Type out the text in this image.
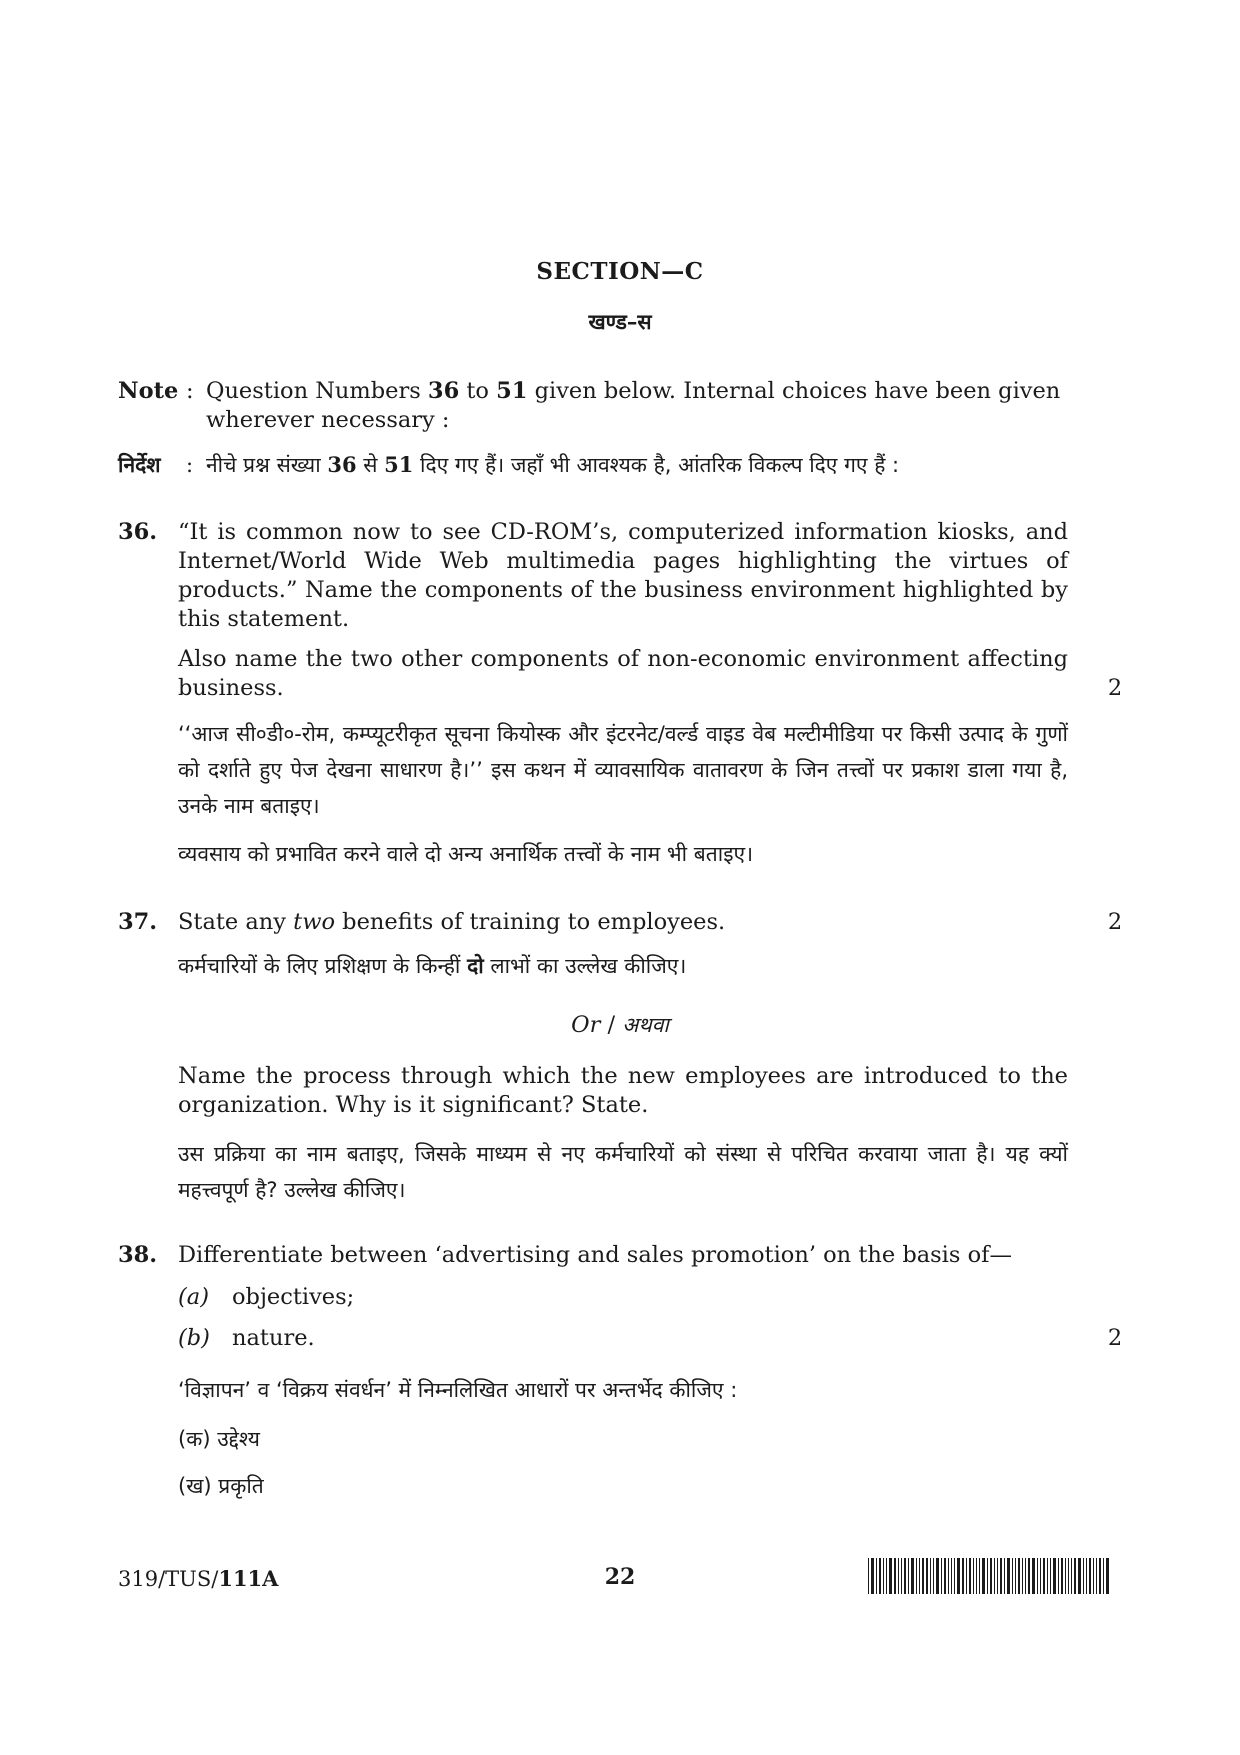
SECTION—C
खण्ड–स
Note : Question Numbers 36 to 51 given below. Internal choices have been given wherever necessary :
निर्देश : नीचे प्रश्न संख्या 36 से 51 दिए गए हैं। जहाँ भी आवश्यक है, आंतरिक विकल्प दिए गए हैं :
36. “It is common now to see CD-ROM’s, computerized information kiosks, and Internet/World Wide Web multimedia pages highlighting the virtues of products.” Name the components of the business environment highlighted by this statement.
Also name the two other components of non-economic environment affecting business.	2
‘‘आज सी०डी०-रोम, कम्प्यूटरीकृत सूचना कियोस्क और इंटरनेट/वर्ल्ड वाइड वेब मल्टीमीडिया पर किसी उत्पाद के गुणों को दर्शाते हुए पेज देखना साधारण है।’’ इस कथन में व्यावसायिक वातावरण के जिन तत्त्वों पर प्रकाश डाला गया है, उनके नाम बताइए।
व्यवसाय को प्रभावित करने वाले दो अन्य अनार्थिक तत्त्वों के नाम भी बताइए।
37. State any two benefits of training to employees.	2
कर्मचारियों के लिए प्रशिक्षण के किन्हीं दो लाभों का उल्लेख कीजिए।
Or / अथवा
Name the process through which the new employees are introduced to the organization. Why is it significant? State.
उस प्रक्रिया का नाम बताइए, जिसके माध्यम से नए कर्मचारियों को संस्था से परिचित करवाया जाता है। यह क्यों महत्त्वपूर्ण है? उल्लेख कीजिए।
38. Differentiate between ‘advertising and sales promotion’ on the basis of—
(a) objectives;
(b) nature.	2
‘विज्ञापन’ व ‘विक्रय संवर्धन’ में निम्नलिखित आधारों पर अन्तर्भेद कीजिए :
(क) उद्देश्य
(ख) प्रकृति
319/TUS/111A	22
